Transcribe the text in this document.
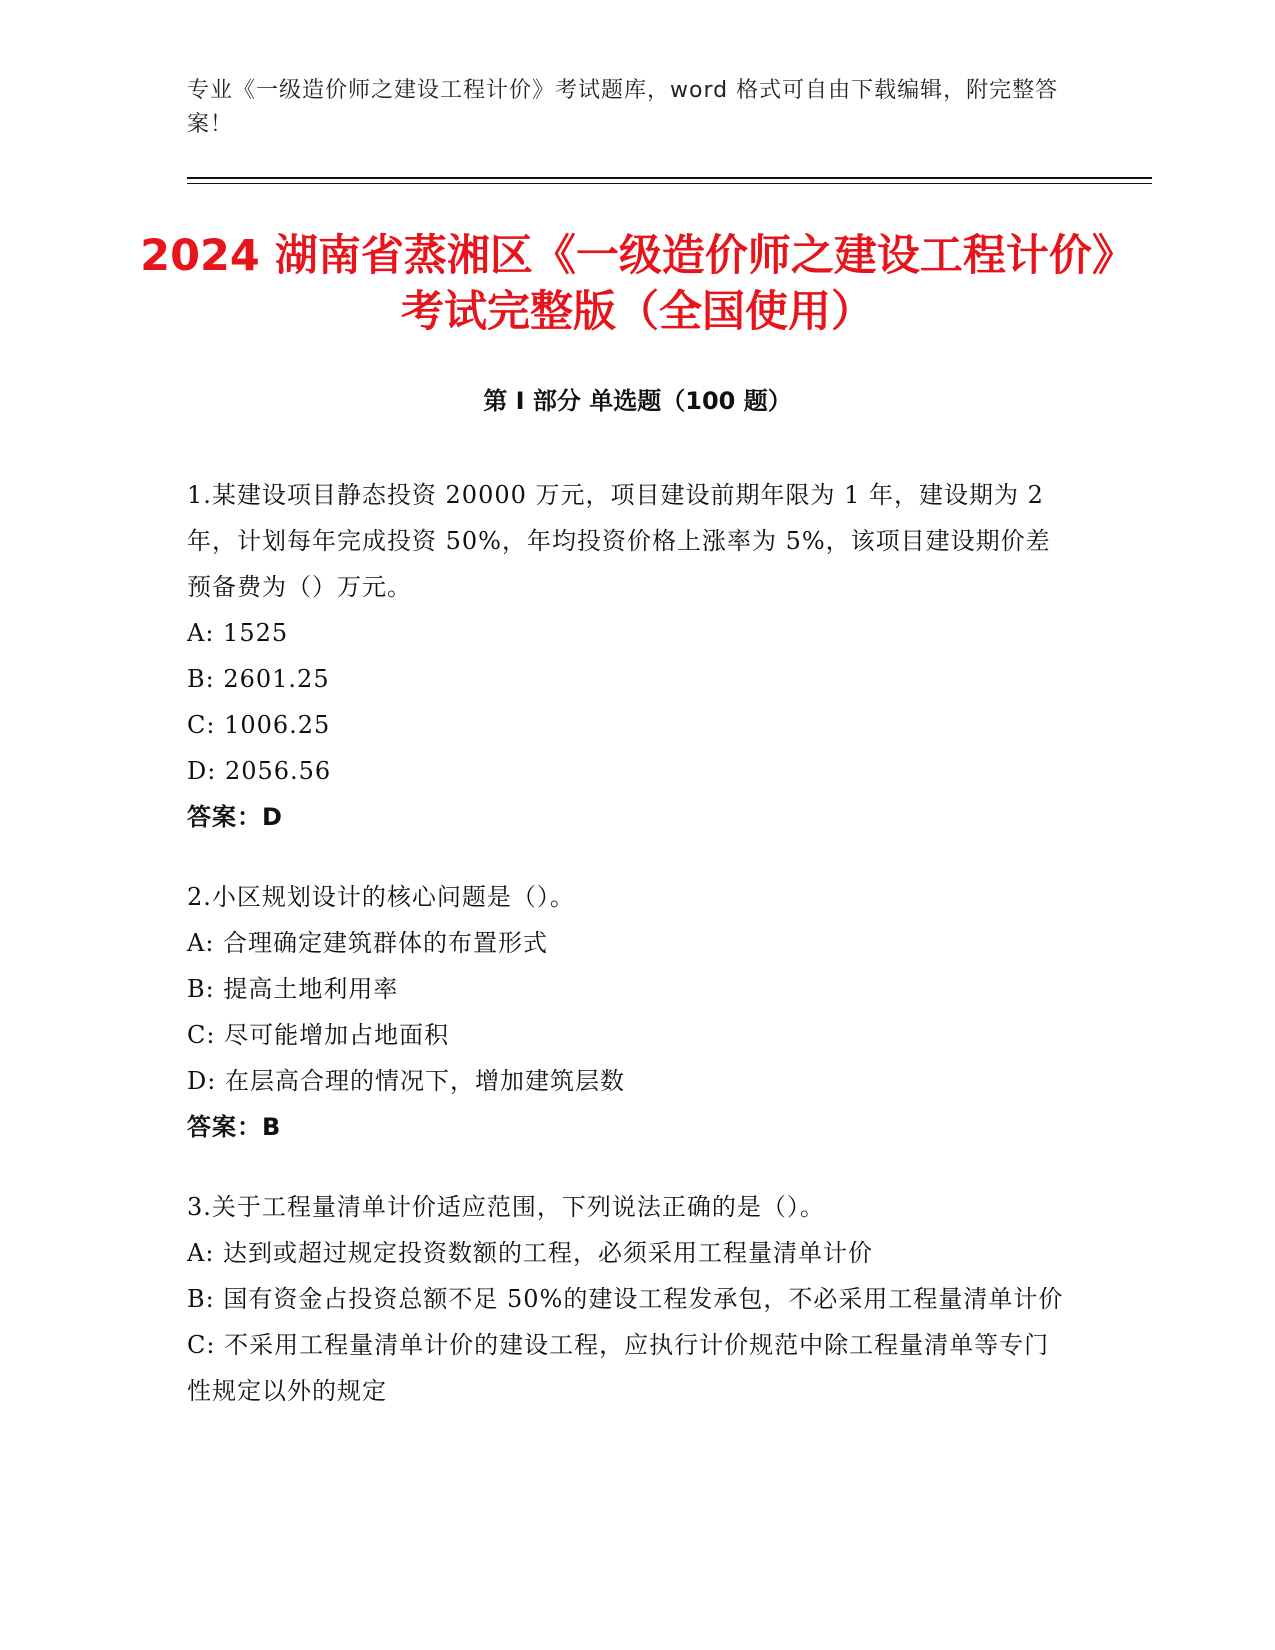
专业《一级造价师之建设工程计价》考试题库，word 格式可自由下载编辑，附完整答案！
2024 湖南省蒸湘区《一级造价师之建设工程计价》考试完整版（全国使用）
第 I 部分 单选题（100 题）

1.某建设项目静态投资 20000 万元，项目建设前期年限为 1 年，建设期为 2 年，计划每年完成投资 50%，年均投资价格上涨率为 5%，该项目建设期价差预备费为（）万元。

A: 1525

B: 2601.25

C: 1006.25

D: 2056.56

答案：D

2.小区规划设计的核心问题是（）。

A: 合理确定建筑群体的布置形式

B: 提高土地利用率

C: 尽可能增加占地面积

D: 在层高合理的情况下，增加建筑层数

答案：B

3.关于工程量清单计价适应范围，下列说法正确的是（）。

A: 达到或超过规定投资数额的工程，必须采用工程量清单计价

B: 国有资金占投资总额不足 50%的建设工程发承包，不必采用工程量清单计价

C: 不采用工程量清单计价的建设工程，应执行计价规范中除工程量清单等专门性规定以外的规定
